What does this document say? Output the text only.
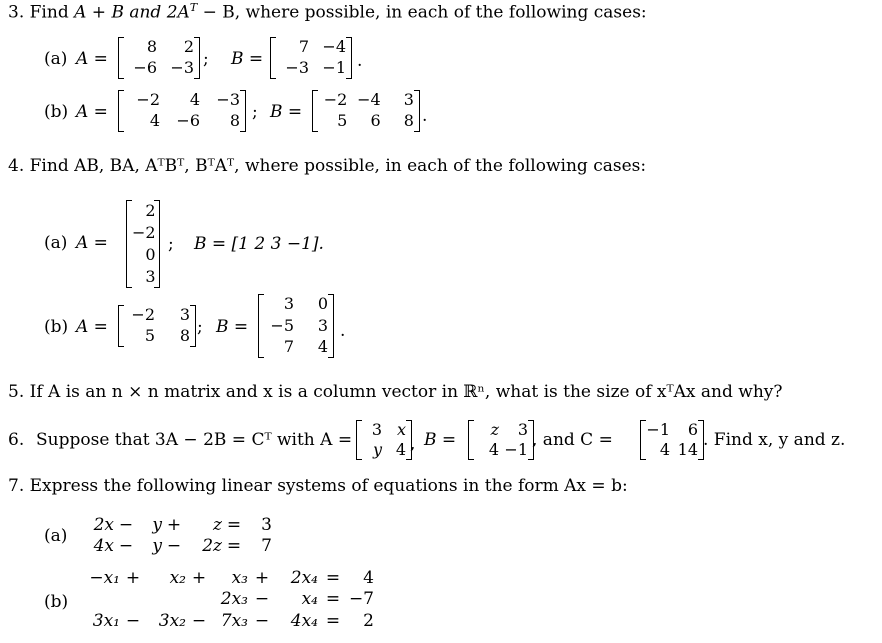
3. Find A + B and $2A^T - B$, where possible, in each of the following cases:
(a) A =
8	2
−6 −3 ; B =
7 −4
−3 −1 .
(b) A =
−2	4	−3
4	−6	8 ; B =
−2 −4	3
5	6	8 .
4. Find AB, BA, AᵀBᵀ, BᵀAᵀ, where possible, in each of the following cases:
(a) A =
2
−2
0
3
; B = [1 2 3 −1].
(b) A =
−2	3
5	8 ; B =
3	0
−5	3
7	4
.
5. If A is an n × n matrix and x is a column vector in ℝⁿ, what is the size of xᵀAx and why?
6. Suppose that 3A − 2B = Cᵀ with A =
3 x
y 4 , B =
z	3
4 −1 , and C =
−1	6
4 14 . Find x, y and z.
7. Express the following linear systems of equations in the form Ax = b:
(a)
2x −	y +	z =	3
4x −	y −	2z =	7
(b)
−x₁ +	x₂ +	x₃ +	2x₄ =	4
2x₃ −	x₄ = −7
3x₁ −	3x₂ − 7x₃ −	4x₄ =	2
